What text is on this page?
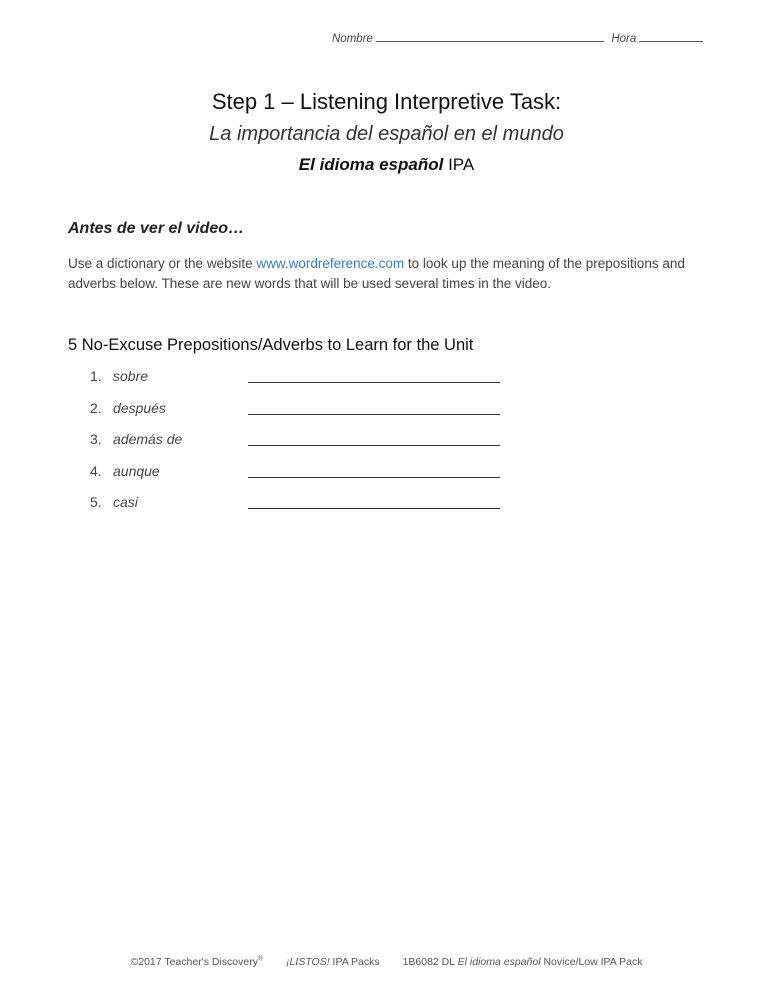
Nombre	Hora

Step 1 – Listening Interpretive Task:

La importancia del español en el mundo

El idioma español IPA

Antes de ver el video…
Use a dictionary or the website www.wordreference.com to look up the meaning of the prepositions and adverbs below. These are new words that will be used several times in the video.
5 No-Excuse Prepositions/Adverbs to Learn for the Unit
1. sobre
2. después
3. además de
4. aunque
5. casi
©2017 Teacher's Discovery® ¡LISTOS! IPA Packs 1B6082 DL El idioma español Novice/Low IPA Pack
